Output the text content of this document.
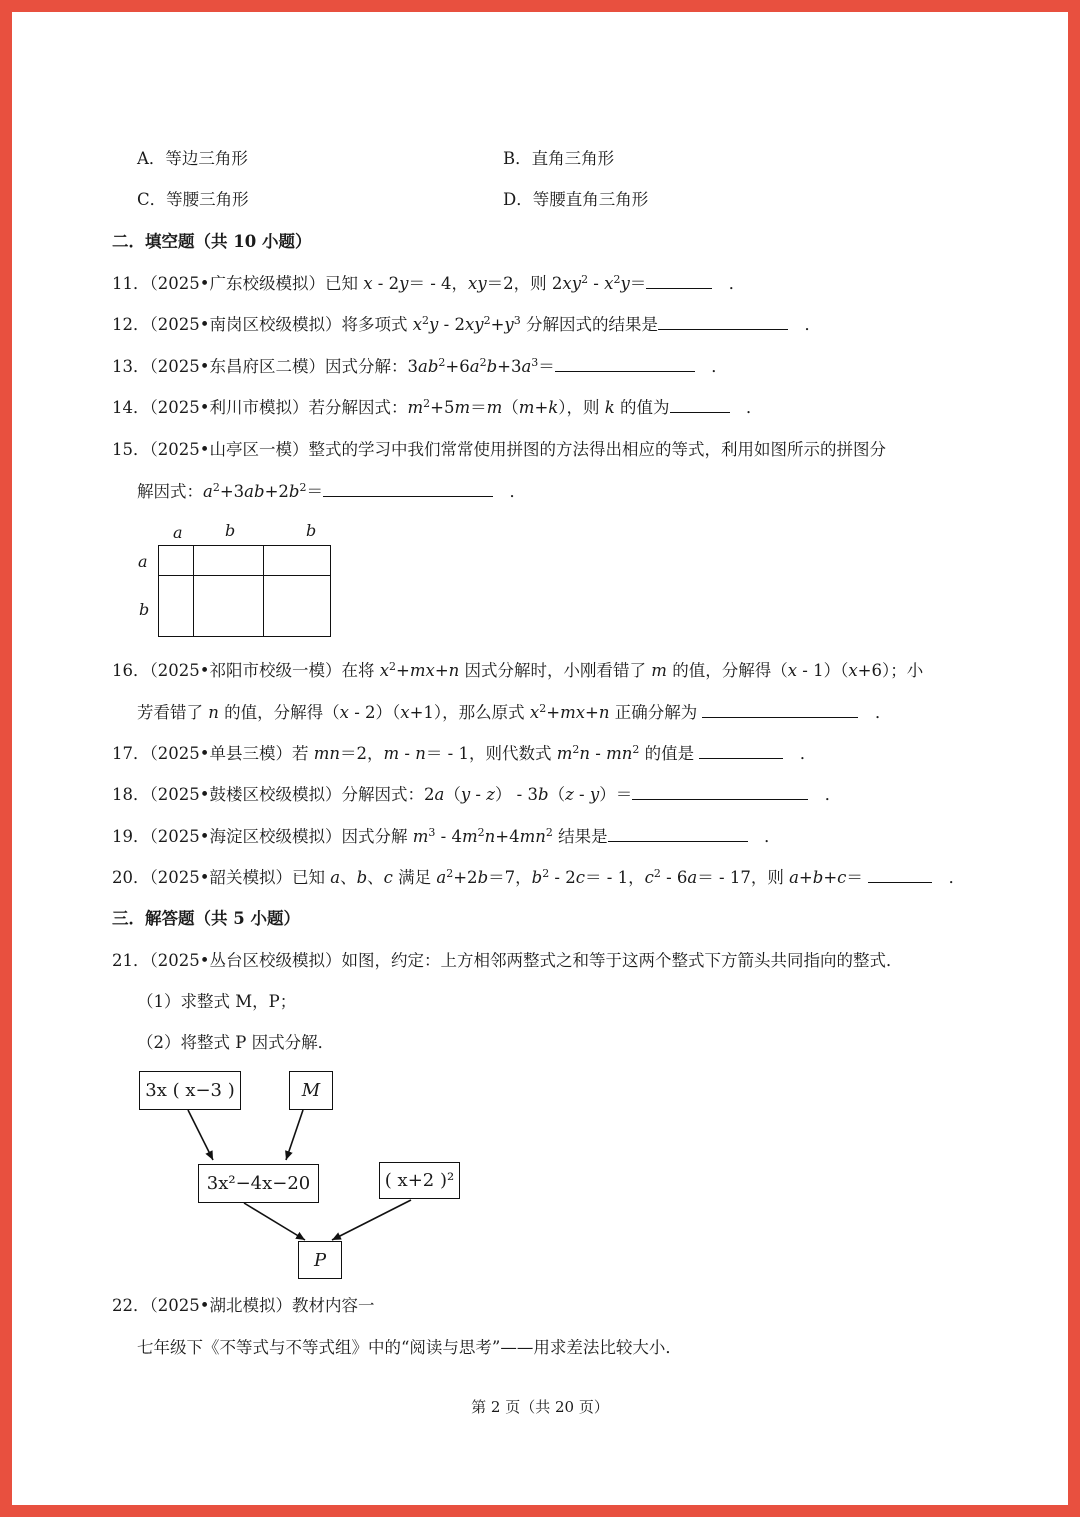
A．等边三角形	B．直角三角形
C．等腰三角形	D．等腰直角三角形
二．填空题（共 10 小题）
11．（2025•广东校级模拟）已知 x - 2y＝ - 4，xy＝2，则 $2xy^2 - x^2y=$	　．
12．（2025•南岗区校级模拟）将多项式 $x^2y - 2xy^2+y^3$ 分解因式的结果是	　．
13．（2025•东昌府区二模）因式分解：$3ab^2+6a^2b+3a^3=$	　．
14．（2025•利川市模拟）若分解因式：$m^2+5m=m(m+k)$，则 k 的值为	　．
15．（2025•山亭区一模）整式的学习中我们常常使用拼图的方法得出相应的等式，利用如图所示的拼图分
解因式：$a^2+3ab+2b^2=$	　．
a	b	b
a
b
16．（2025•祁阳市校级一模）在将 $x^2+mx+n$ 因式分解时，小刚看错了 m 的值，分解得（x - 1）（x+6）；小
芳看错了 n 的值，分解得（x - 2）（x+1），那么原式 $x^2+mx+n$ 正确分解为	　．
17．（2025•单县三模）若 mn＝2，m - n＝ - 1，则代数式 $m^2n - mn^2$ 的值是	　．
18．（2025•鼓楼区校级模拟）分解因式：2a（y - z） - 3b（z - y）＝	　．
19．（2025•海淀区校级模拟）因式分解 $m^3 - 4m^2n+4mn^2$ 结果是	　．
20．（2025•韶关模拟）已知 a、b、c 满足 $a^2+2b=7$，$b^2 - 2c= - 1$，$c^2 - 6a= - 17$，则 a+b+c＝	　．
三．解答题（共 5 小题）
21．（2025•丛台区校级模拟）如图，约定：上方相邻两整式之和等于这两个整式下方箭头共同指向的整式．
（1）求整式 M，P；
（2）将整式 P 因式分解．
3x ( x−3 )	M
3x²−4x−20	( x+2 )²
P
22．（2025•湖北模拟）教材内容一
七年级下《不等式与不等式组》中的“阅读与思考”——用求差法比较大小．
第 2 页（共 20 页）
